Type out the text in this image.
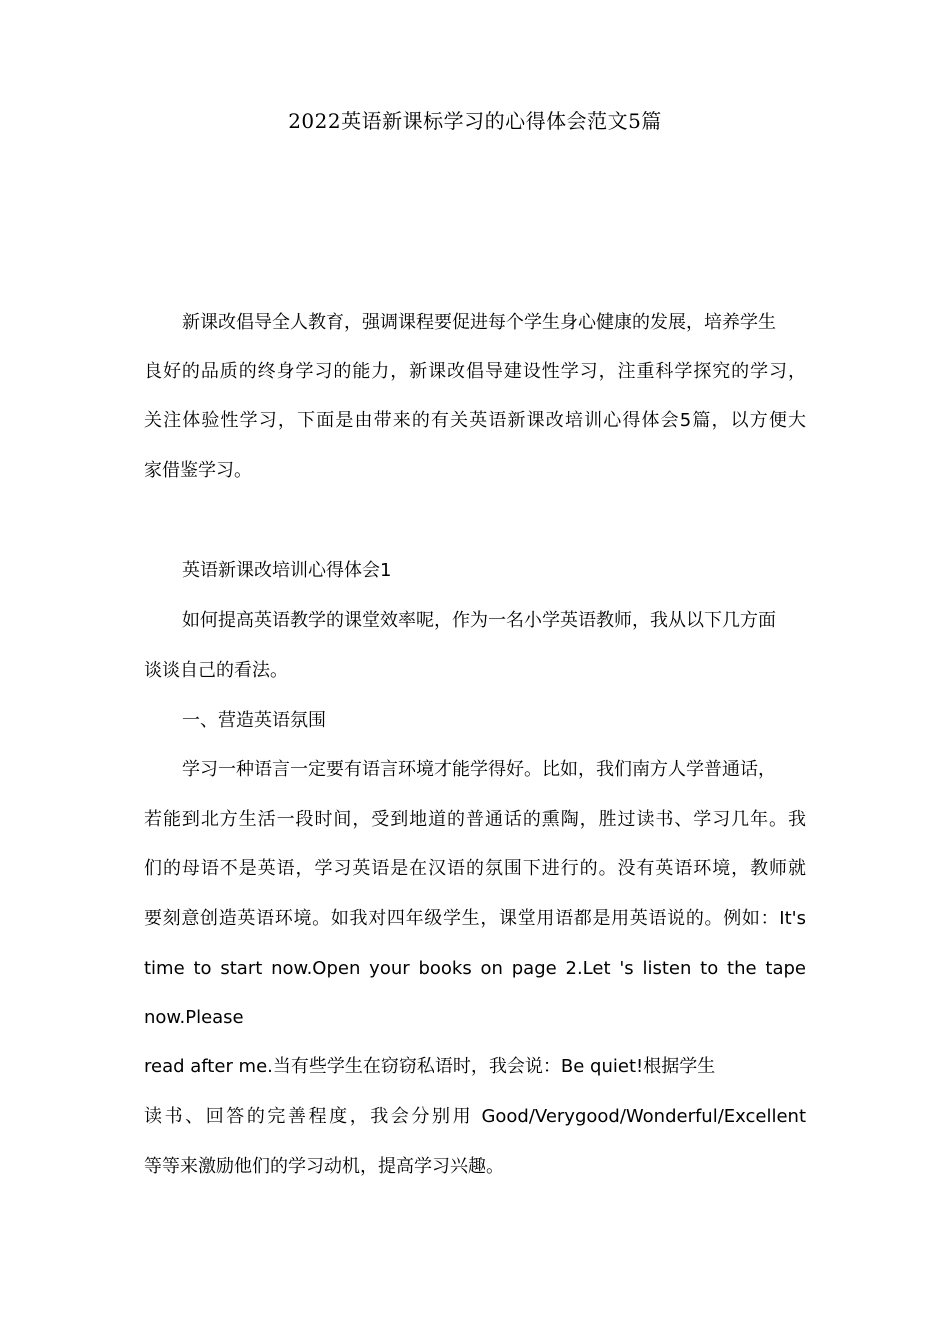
2022英语新课标学习的心得体会范文5篇
新课改倡导全人教育，强调课程要促进每个学生身心健康的发展，培养学生
良好的品质的终身学习的能力，新课改倡导建设性学习，注重科学探究的学习，
关注体验性学习，下面是由带来的有关英语新课改培训心得体会5篇，以方便大
家借鉴学习。
英语新课改培训心得体会1
如何提高英语教学的课堂效率呢，作为一名小学英语教师，我从以下几方面
谈谈自己的看法。
一、营造英语氛围
学习一种语言一定要有语言环境才能学得好。比如，我们南方人学普通话，
若能到北方生活一段时间，受到地道的普通话的熏陶，胜过读书、学习几年。我
们的母语不是英语，学习英语是在汉语的氛围下进行的。没有英语环境，教师就
要刻意创造英语环境。如我对四年级学生，课堂用语都是用英语说的。例如：It's
time to start now.Open your books on page 2.Let 's listen to the tape
now.Please
read after me.当有些学生在窃窃私语时，我会说：Be quiet!根据学生
读书、回答的完善程度，我会分别用 Good/Verygood/Wonderful/Excellent
等等来激励他们的学习动机，提高学习兴趣。
